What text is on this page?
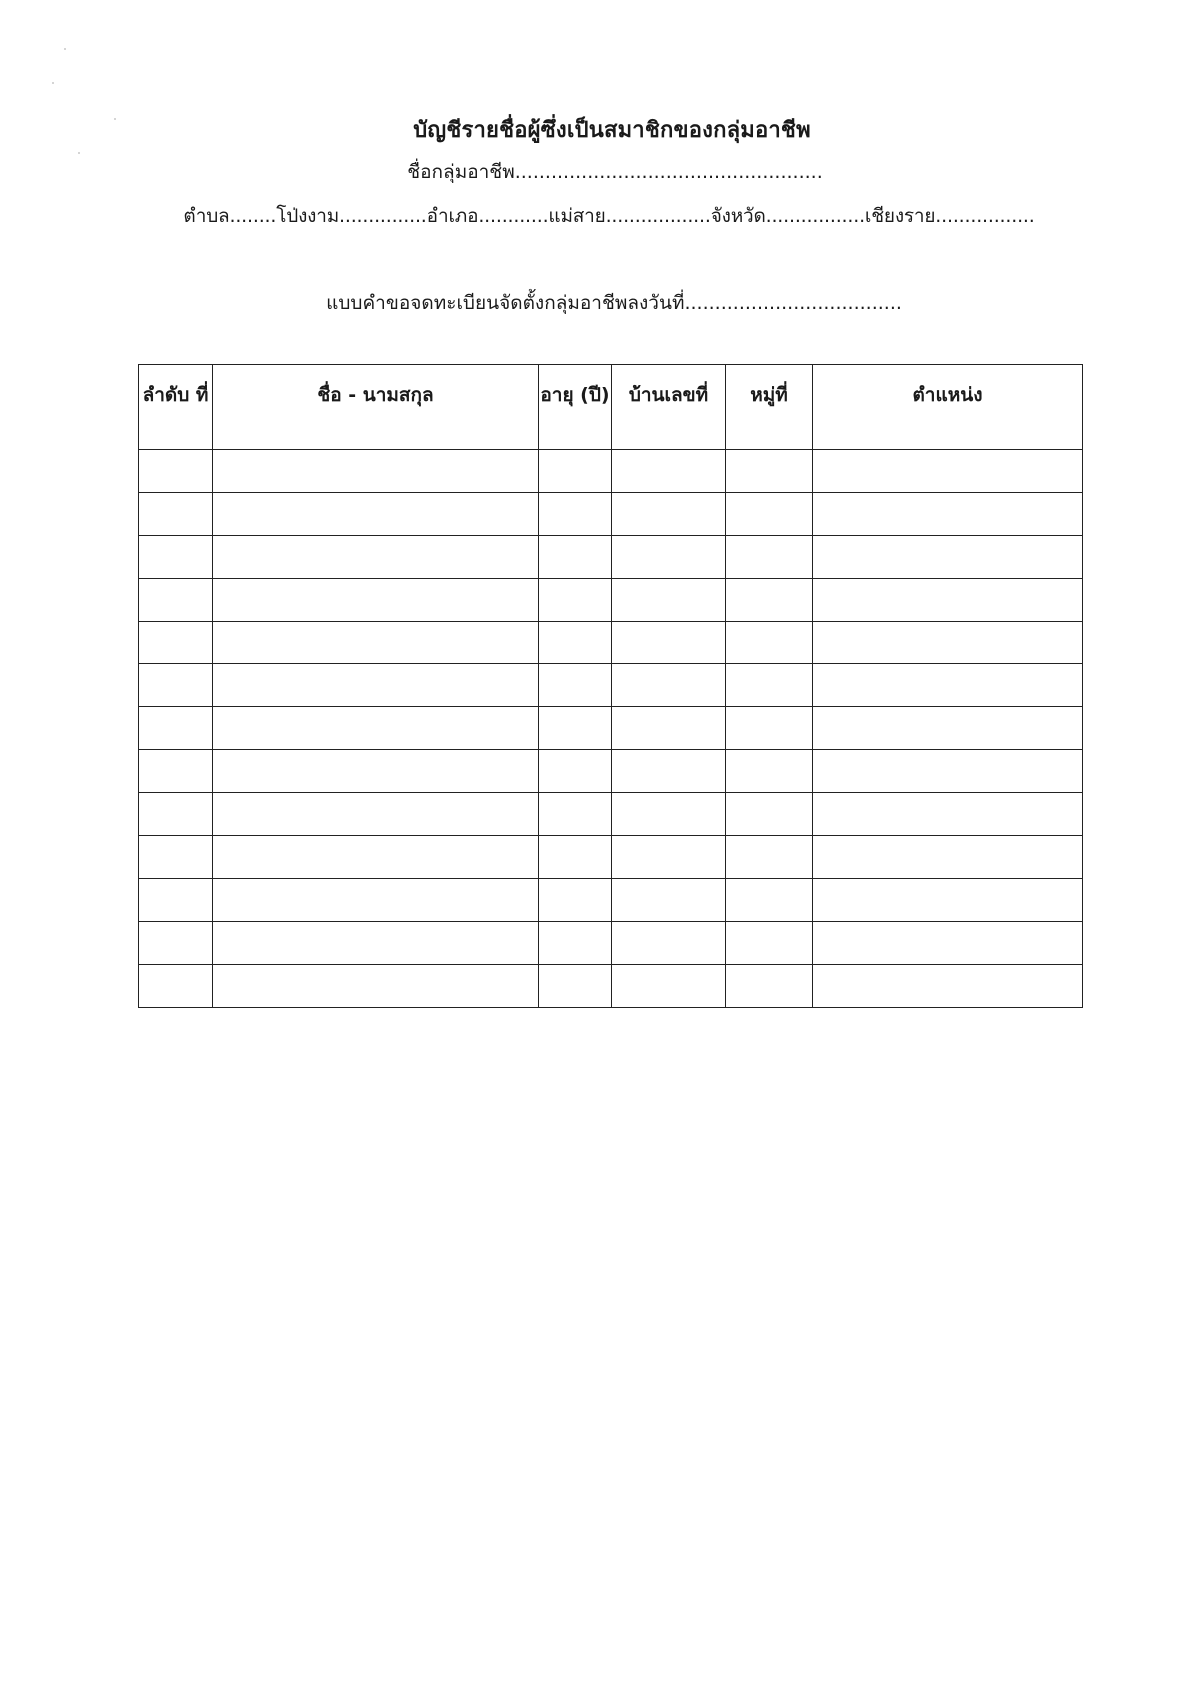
บัญชีรายชื่อผู้ซึ่งเป็นสมาชิกของกลุ่มอาชีพ
ชื่อกลุ่มอาชีพ...................................................
ตำบล........โป่งงาม...............อำเภอ............แม่สาย..................จังหวัด.................เชียงราย.................
แบบคำขอจดทะเบียนจัดตั้งกลุ่มอาชีพลงวันที่....................................
ลำดับ ที่	ชื่อ - นามสกุล	อายุ (ปี)	บ้านเลขที่	หมู่ที่	ตำแหน่ง
